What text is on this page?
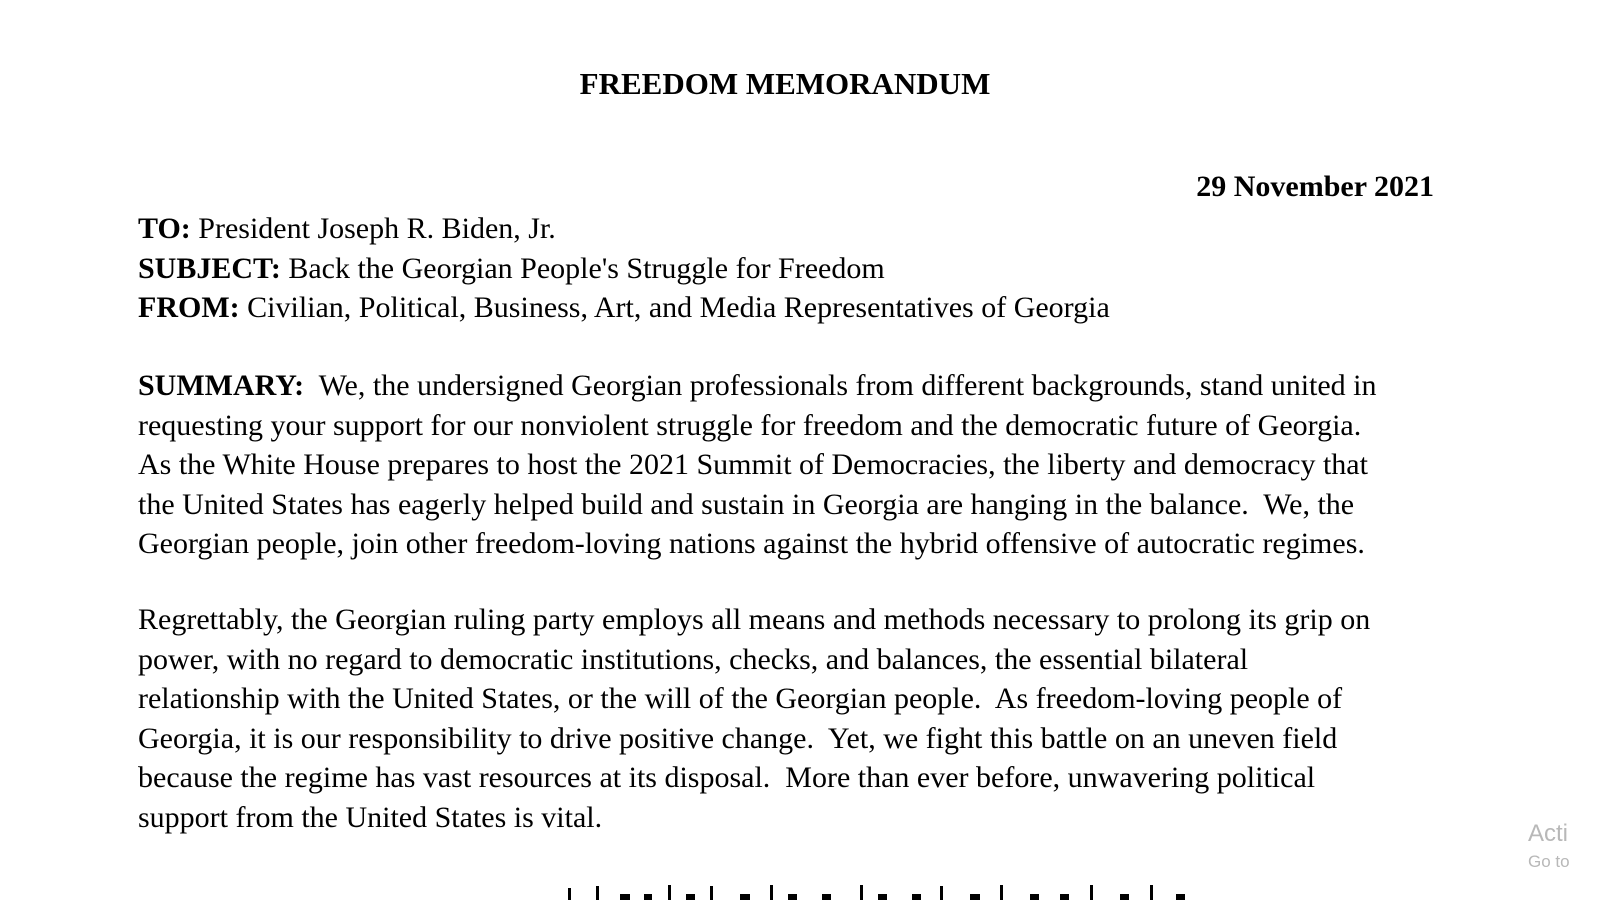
FREEDOM MEMORANDUM
29 November 2021
TO: President Joseph R. Biden, Jr.
SUBJECT: Back the Georgian People's Struggle for Freedom
FROM: Civilian, Political, Business, Art, and Media Representatives of Georgia
SUMMARY:  We, the undersigned Georgian professionals from different backgrounds, stand united in
requesting your support for our nonviolent struggle for freedom and the democratic future of Georgia.
As the White House prepares to host the 2021 Summit of Democracies, the liberty and democracy that
the United States has eagerly helped build and sustain in Georgia are hanging in the balance.  We, the
Georgian people, join other freedom-loving nations against the hybrid offensive of autocratic regimes.
Regrettably, the Georgian ruling party employs all means and methods necessary to prolong its grip on
power, with no regard to democratic institutions, checks, and balances, the essential bilateral
relationship with the United States, or the will of the Georgian people.  As freedom-loving people of
Georgia, it is our responsibility to drive positive change.  Yet, we fight this battle on an uneven field
because the regime has vast resources at its disposal.  More than ever before, unwavering political
support from the United States is vital.	Acti
Go to
